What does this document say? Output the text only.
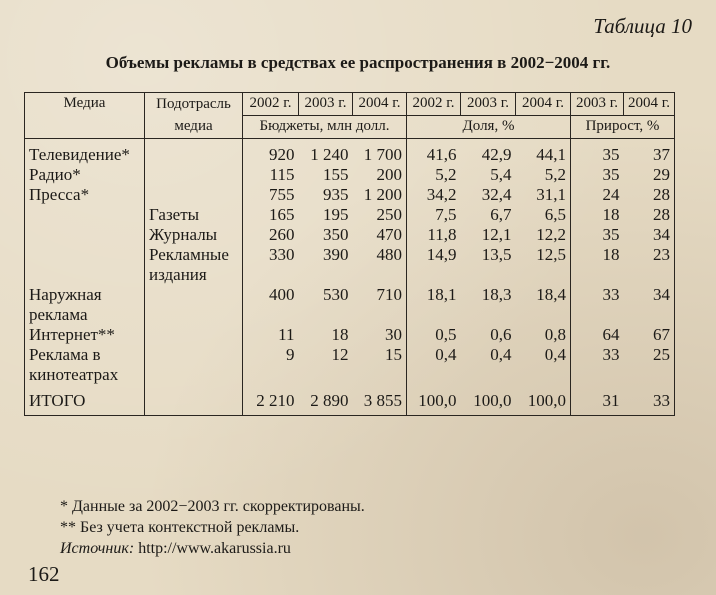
Таблица 10
Объемы рекламы в средствах ее распространения в 2002−2004 гг.
Медиа	Подотрасль
медиа	2002 г.	2003 г.	2004 г.	2002 г.	2003 г.	2004 г.	2003 г.	2004 г.
		Бюджеты, млн долл.			Доля, %			Прирост, %	
Телевидение*		920	1 240	1 700	41,6	42,9	44,1	35	37
Радио*		115	155	200	5,2	5,4	5,2	35	29
Пресса*		755	935	1 200	34,2	32,4	31,1	24	28
	Газеты	165	195	250	7,5	6,7	6,5	18	28
	Журналы	260	350	470	11,8	12,1	12,2	35	34
	Рекламные издания	330	390	480	14,9	13,5	12,5	18	23
Наружная реклама		400	530	710	18,1	18,3	18,4	33	34
Интернет**		11	18	30	0,5	0,6	0,8	64	67
Реклама в кинотеатрах		9	12	15	0,4	0,4	0,4	33	25
ИТОГО		2 210	2 890	3 855	100,0	100,0	100,0	31	33
* Данные за 2002−2003 гг. скорректированы.
** Без учета контекстной рекламы.
Источник: http://www.akarussia.ru
162
